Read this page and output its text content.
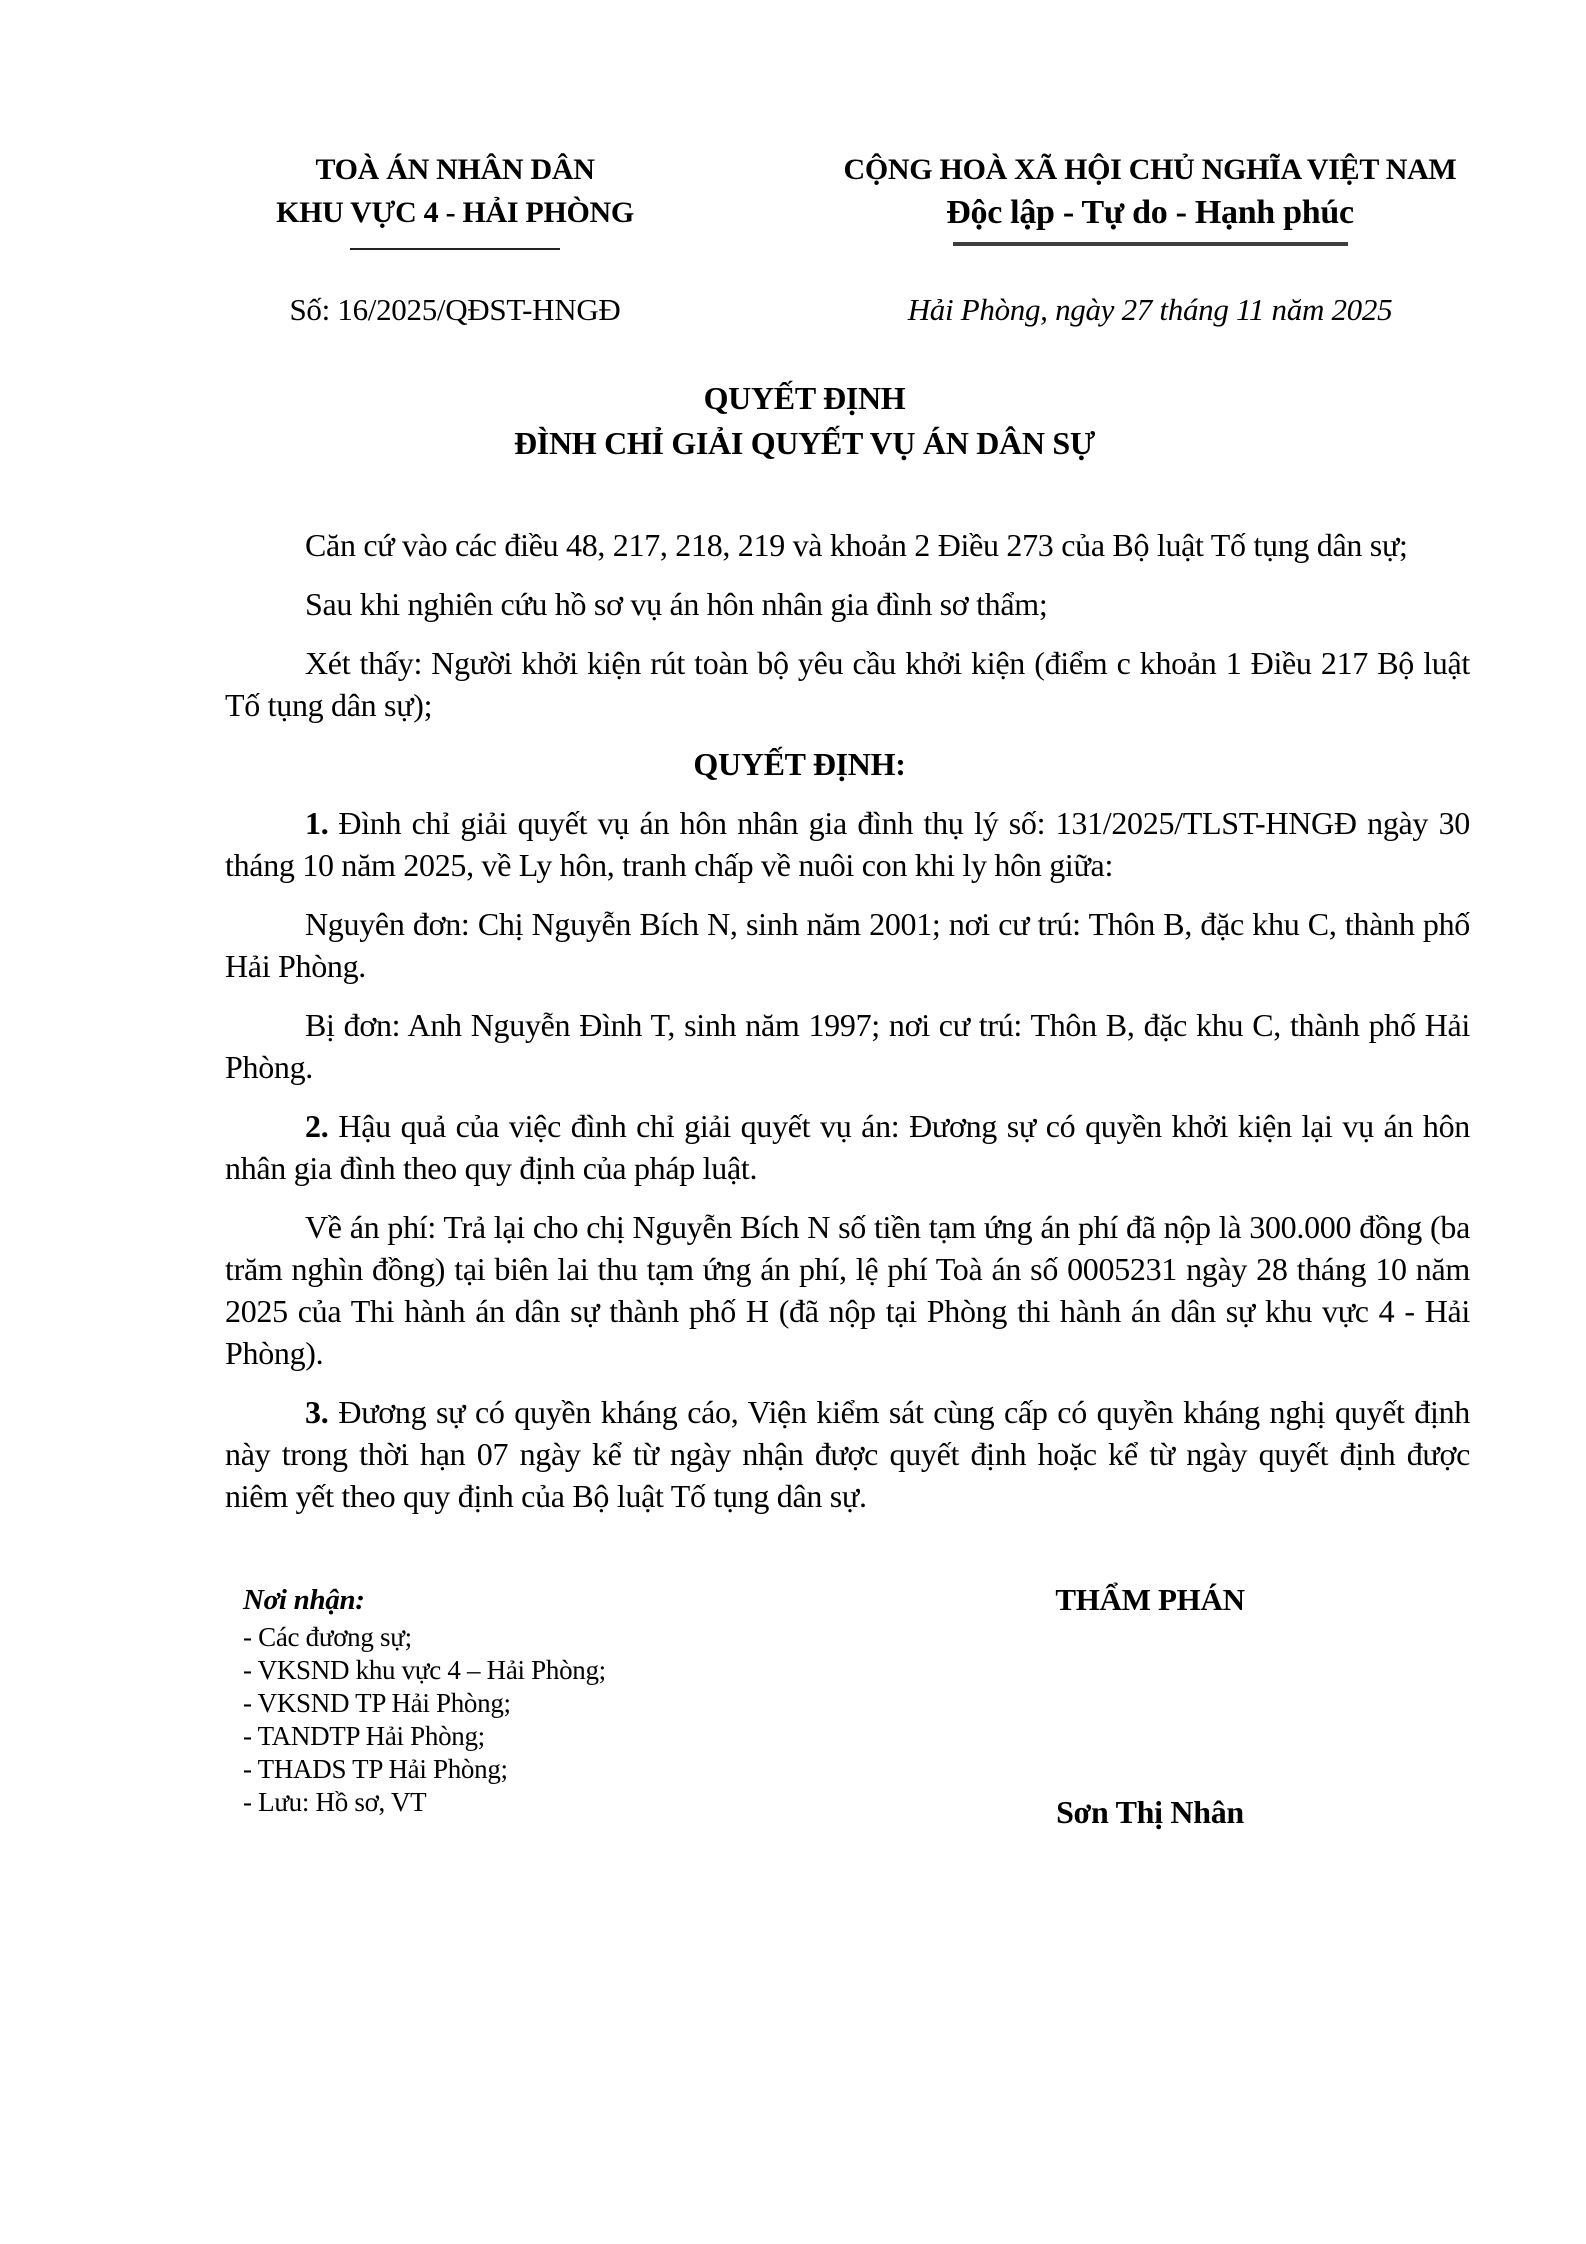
TOÀ ÁN NHÂN DÂN
KHU VỰC 4 - HẢI PHÒNG
CỘNG HOÀ XÃ HỘI CHỦ NGHĨA VIỆT NAM
Độc lập - Tự do - Hạnh phúc
Số: 16/2025/QĐST-HNGĐ	Hải Phòng, ngày 27 tháng 11 năm 2025
QUYẾT ĐỊNH
ĐÌNH CHỈ GIẢI QUYẾT VỤ ÁN DÂN SỰ

Căn cứ vào các điều 48, 217, 218, 219 và khoản 2 Điều 273 của Bộ luật Tố tụng dân sự;

Sau khi nghiên cứu hồ sơ vụ án hôn nhân gia đình sơ thẩm;

Xét thấy: Người khởi kiện rút toàn bộ yêu cầu khởi kiện (điểm c khoản 1 Điều 217 Bộ luật Tố tụng dân sự);

QUYẾT ĐỊNH:

1. Đình chỉ giải quyết vụ án hôn nhân gia đình thụ lý số: 131/2025/TLST-HNGĐ ngày 30 tháng 10 năm 2025, về Ly hôn, tranh chấp về nuôi con khi ly hôn giữa:

Nguyên đơn: Chị Nguyễn Bích N, sinh năm 2001; nơi cư trú: Thôn B, đặc khu C, thành phố Hải Phòng.

Bị đơn: Anh Nguyễn Đình T, sinh năm 1997; nơi cư trú: Thôn B, đặc khu C, thành phố Hải Phòng.

2. Hậu quả của việc đình chỉ giải quyết vụ án: Đương sự có quyền khởi kiện lại vụ án hôn nhân gia đình theo quy định của pháp luật.

Về án phí: Trả lại cho chị Nguyễn Bích N số tiền tạm ứng án phí đã nộp là 300.000 đồng (ba trăm nghìn đồng) tại biên lai thu tạm ứng án phí, lệ phí Toà án số 0005231 ngày 28 tháng 10 năm 2025 của Thi hành án dân sự thành phố H (đã nộp tại Phòng thi hành án dân sự khu vực 4 - Hải Phòng).

3. Đương sự có quyền kháng cáo, Viện kiểm sát cùng cấp có quyền kháng nghị quyết định này trong thời hạn 07 ngày kể từ ngày nhận được quyết định hoặc kể từ ngày quyết định được niêm yết theo quy định của Bộ luật Tố tụng dân sự.

Nơi nhận:
- Các đương sự;
- VKSND khu vực 4 – Hải Phòng;
- VKSND TP Hải Phòng;
- TANDTP Hải Phòng;
- THADS TP Hải Phòng;
- Lưu: Hồ sơ, VT
THẨM PHÁN
Sơn Thị Nhân
